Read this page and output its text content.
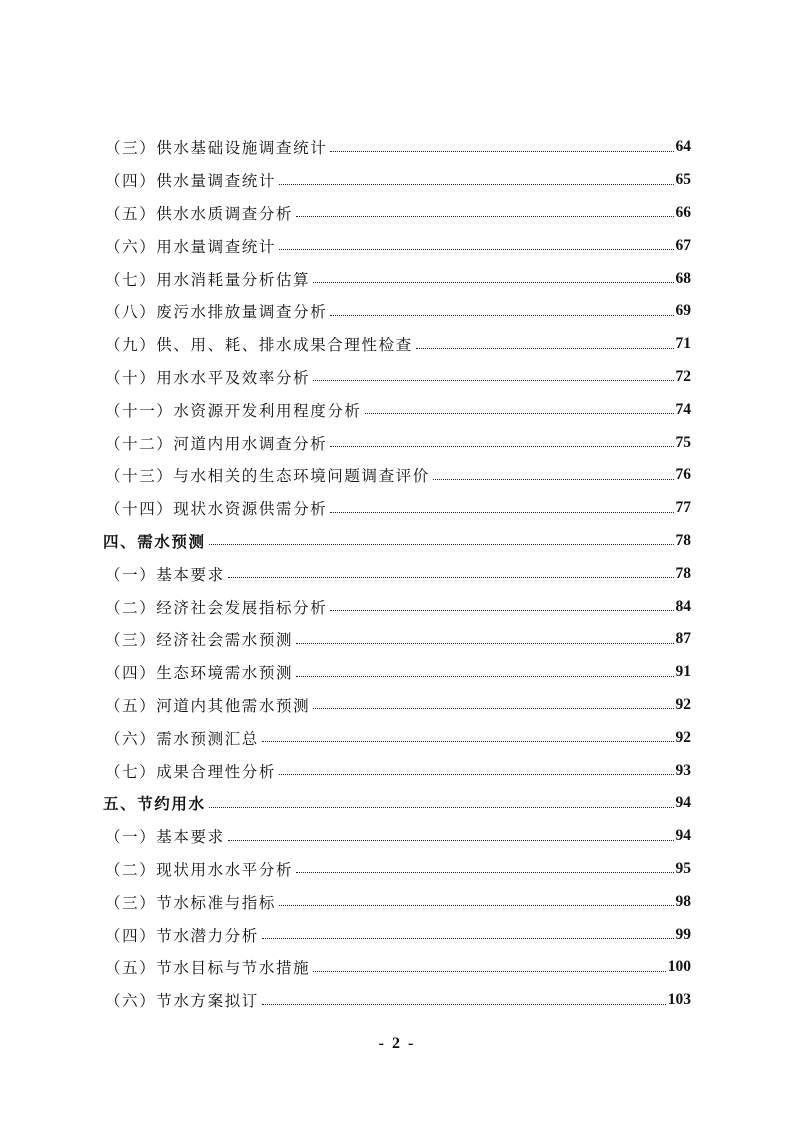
（三）供水基础设施调查统计	64
（四）供水量调查统计	65
（五）供水水质调查分析	66
（六）用水量调查统计	67
（七）用水消耗量分析估算	68
（八）废污水排放量调查分析	69
（九）供、用、耗、排水成果合理性检查	71
（十）用水水平及效率分析	72
（十一）水资源开发利用程度分析	74
（十二）河道内用水调查分析	75
（十三）与水相关的生态环境问题调查评价	76
（十四）现状水资源供需分析	77
四、需水预测	78
（一）基本要求	78
（二）经济社会发展指标分析	84
（三）经济社会需水预测	87
（四）生态环境需水预测	91
（五）河道内其他需水预测	92
（六）需水预测汇总	92
（七）成果合理性分析	93
五、节约用水	94
（一）基本要求	94
（二）现状用水水平分析	95
（三）节水标准与指标	98
（四）节水潜力分析	99
（五）节水目标与节水措施	100
（六）节水方案拟订	103
- 2 -
